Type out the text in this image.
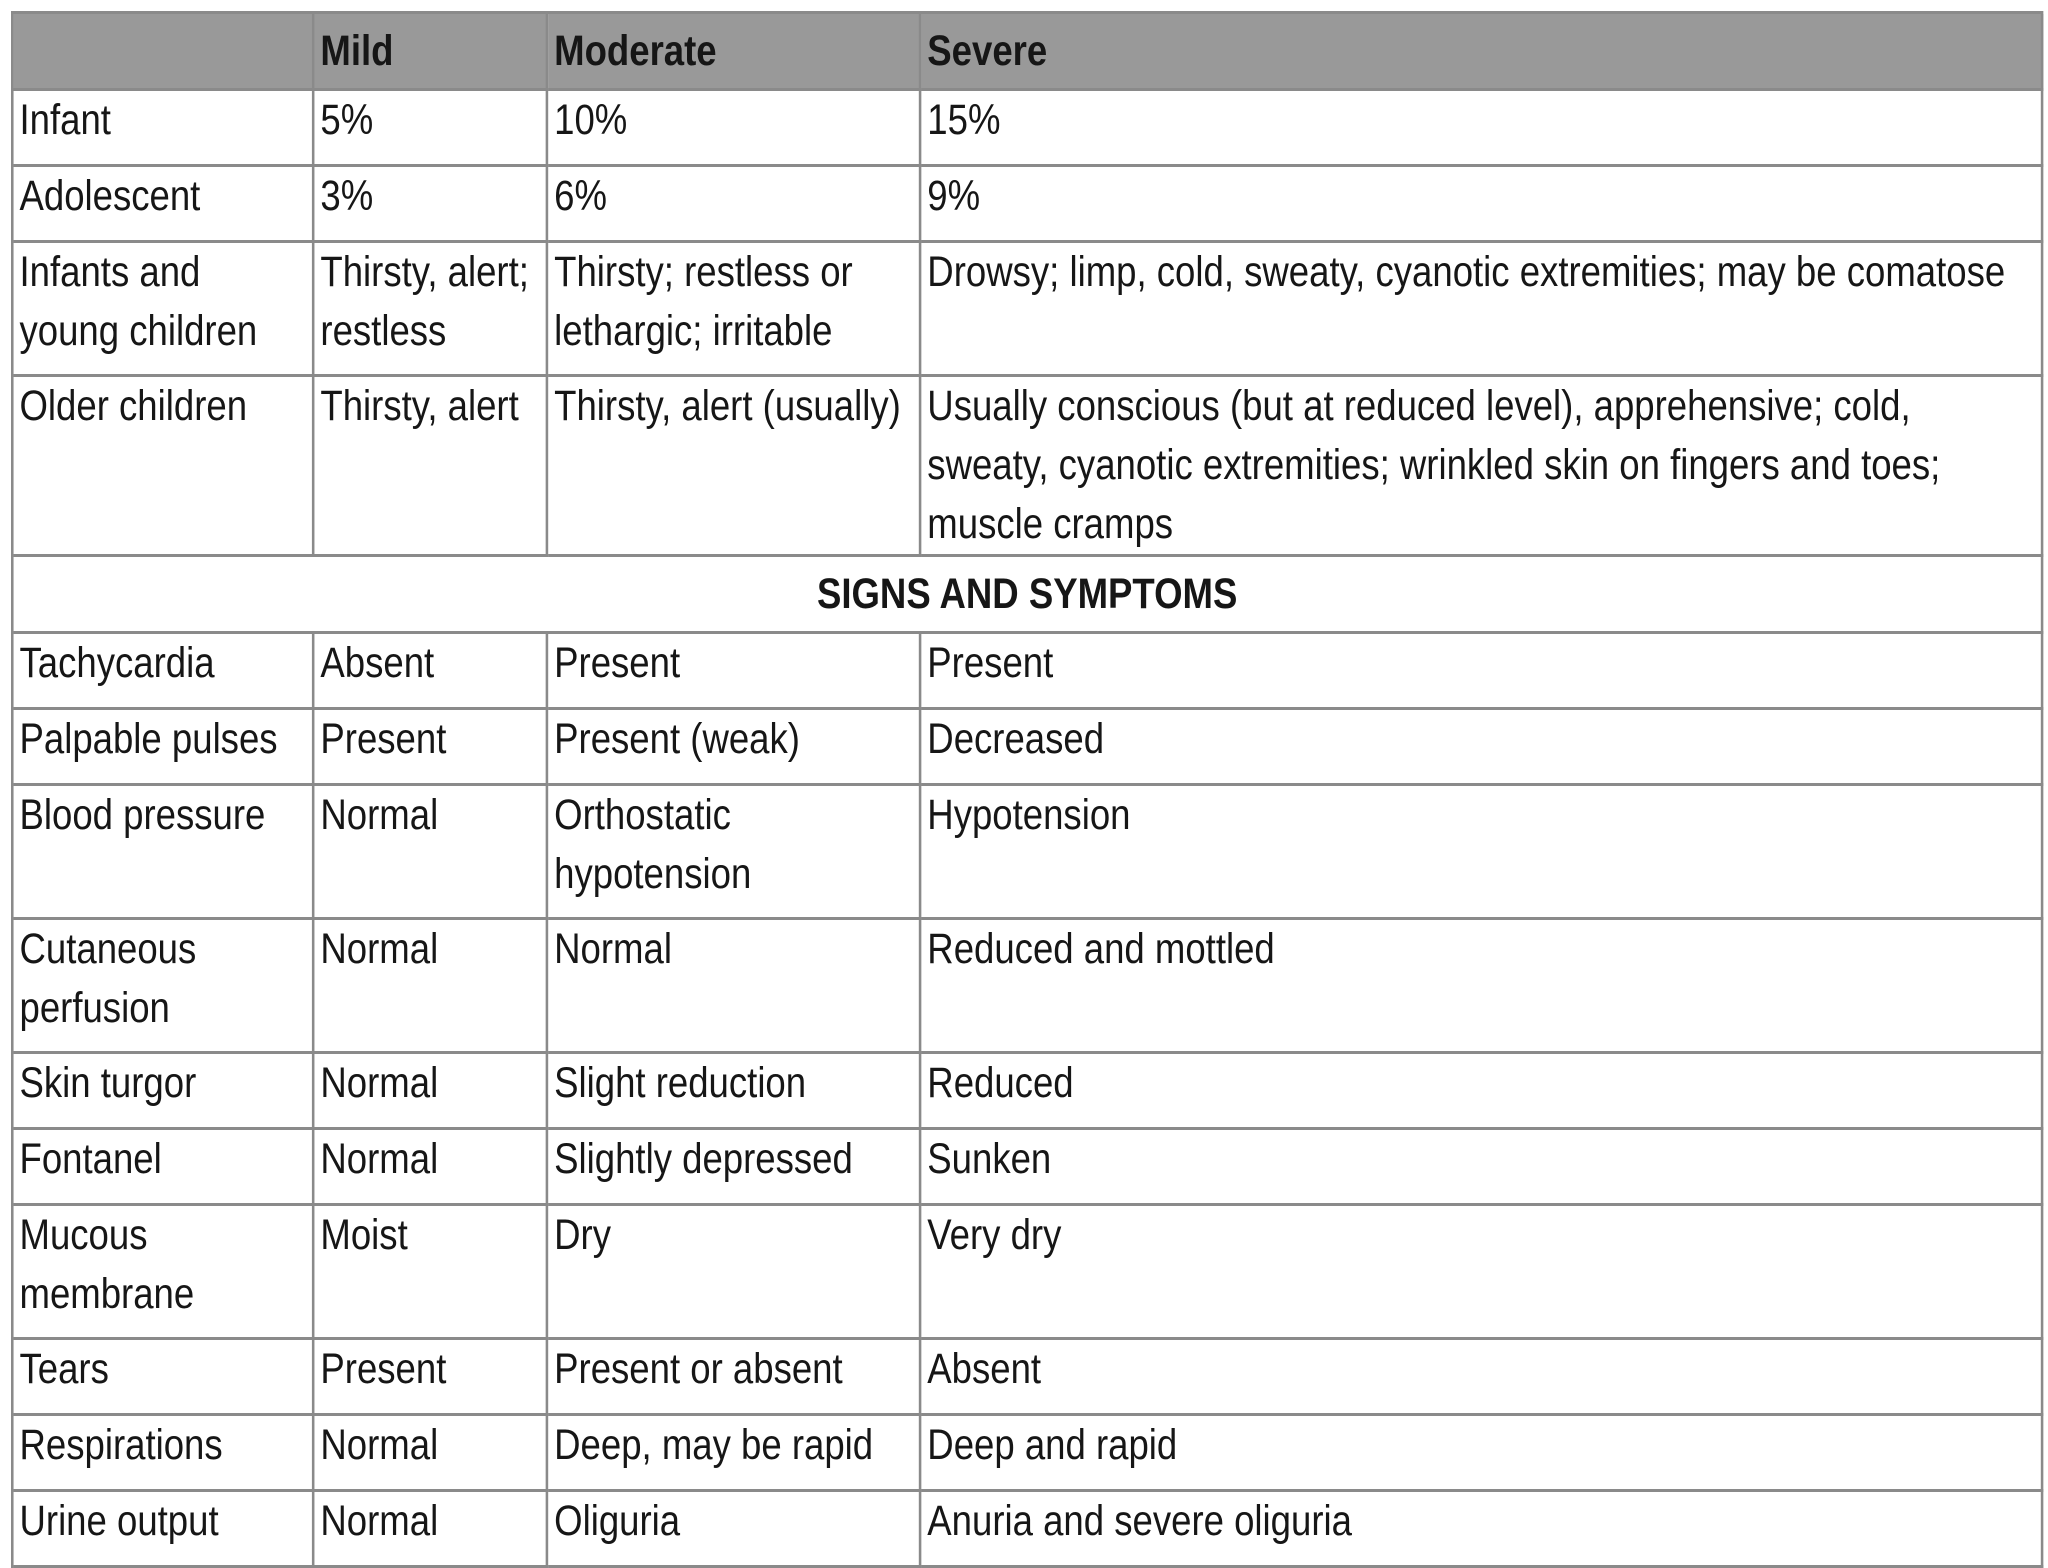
	Mild	Moderate	Severe
Infant	5%	10%	15%
Adolescent	3%	6%	9%
Infants and young children	Thirsty, alert; restless	Thirsty; restless or lethargic; irritable	Drowsy; limp, cold, sweaty, cyanotic extremities; may be comatose
Older children	Thirsty, alert	Thirsty, alert (usually)	Usually conscious (but at reduced level), apprehensive; cold, sweaty, cyanotic extremities; wrinkled skin on fingers and toes; muscle cramps
SIGNS AND SYMPTOMS			
Tachycardia	Absent	Present	Present
Palpable pulses	Present	Present (weak)	Decreased
Blood pressure	Normal	Orthostatic hypotension	Hypotension
Cutaneous perfusion	Normal	Normal	Reduced and mottled
Skin turgor	Normal	Slight reduction	Reduced
Fontanel	Normal	Slightly depressed	Sunken
Mucous membrane	Moist	Dry	Very dry
Tears	Present	Present or absent	Absent
Respirations	Normal	Deep, may be rapid	Deep and rapid
Urine output	Normal	Oliguria	Anuria and severe oliguria
